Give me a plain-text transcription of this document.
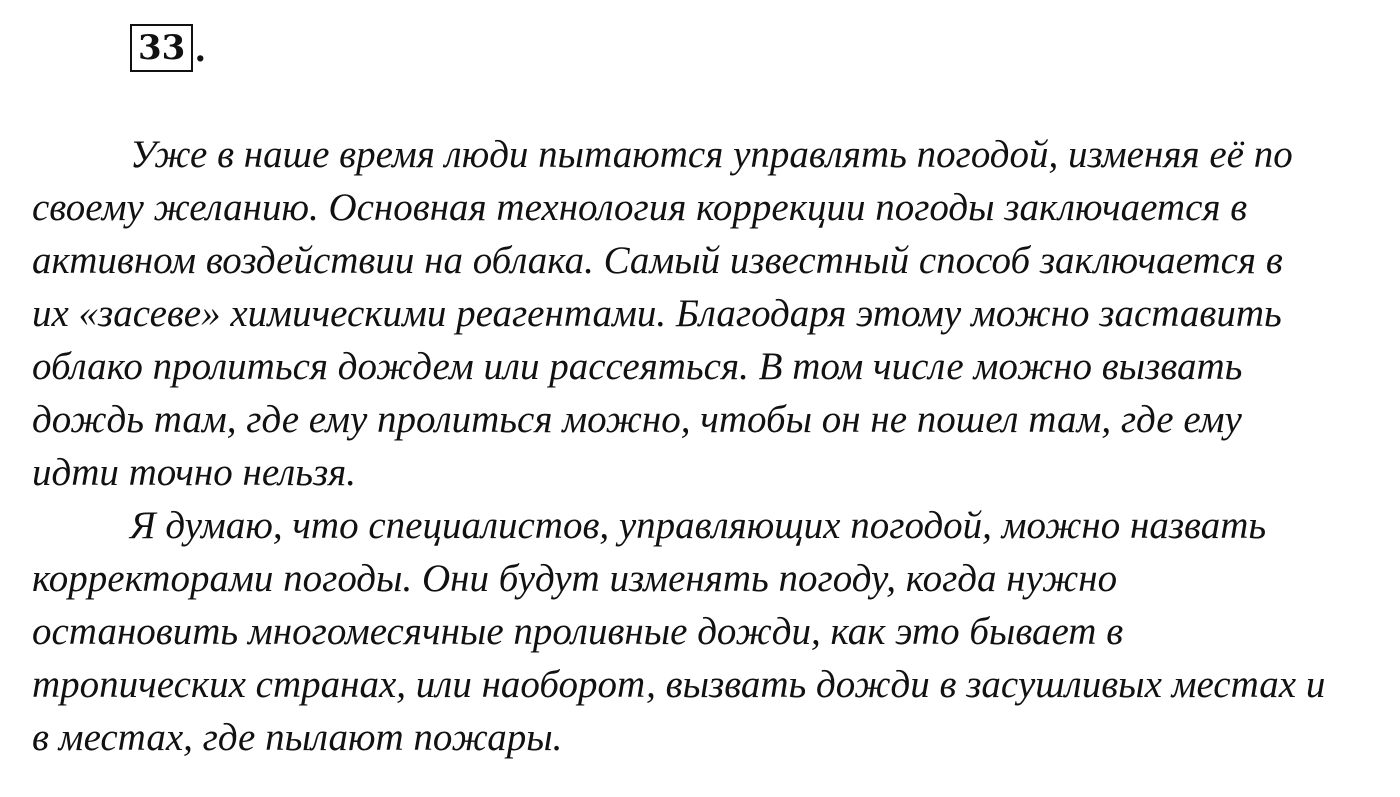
33 .

Уже в наше время люди пытаются управлять погодой, изменяя её по
своему желанию. Основная технология коррекции погоды заключается в
активном воздействии на облака. Самый известный способ заключается в
их «засеве» химическими реагентами. Благодаря этому можно заставить
облако пролиться дождем или рассеяться. В том числе можно вызвать
дождь там, где ему пролиться можно, чтобы он не пошел там, где ему
идти точно нельзя.

Я думаю, что специалистов, управляющих погодой, можно назвать
корректорами погоды. Они будут изменять погоду, когда нужно
остановить многомесячные проливные дожди, как это бывает в
тропических странах, или наоборот, вызвать дожди в засушливых местах и
в местах, где пылают пожары.
